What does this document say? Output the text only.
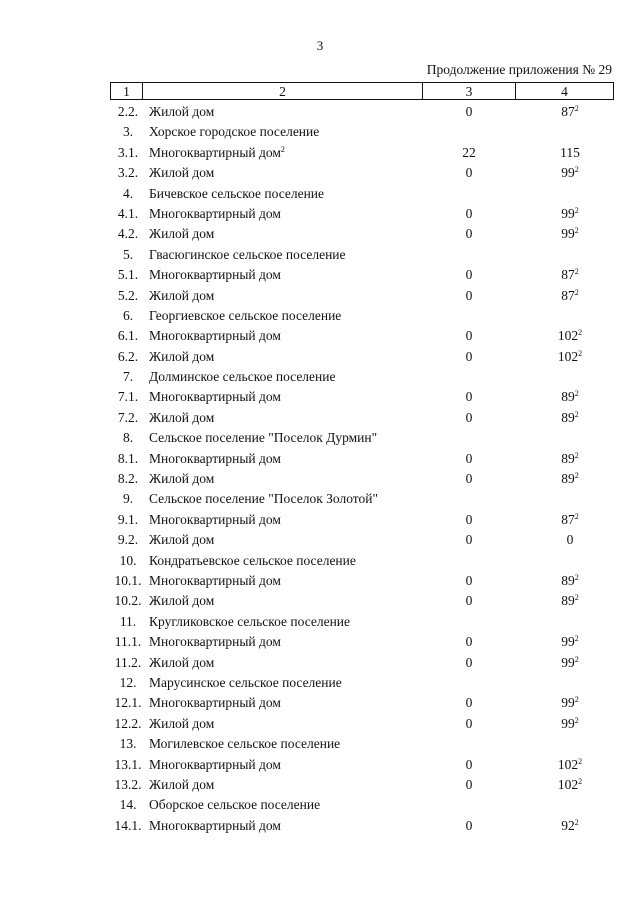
3
Продолжение приложения № 29
1	2	3	4
2.2. Жилой дом	0	$87^2$
3.	Хорское городское поселение
3.1. Многоквартирный дом$^2$	22	115
3.2. Жилой дом	0	$99^2$
4.	Бичевское сельское поселение
4.1. Многоквартирный дом	0	$99^2$
4.2. Жилой дом	0	$99^2$
5.	Гвасюгинское сельское поселение
5.1. Многоквартирный дом	0	$87^2$
5.2. Жилой дом	0	$87^2$
6.	Георгиевское сельское поселение
6.1. Многоквартирный дом	0	$102^2$
6.2. Жилой дом	0	$102^2$
7.	Долминское сельское поселение
7.1. Многоквартирный дом	0	$89^2$
7.2. Жилой дом	0	$89^2$
8.	Сельское поселение "Поселок Дурмин"
8.1. Многоквартирный дом	0	$89^2$
8.2. Жилой дом	0	$89^2$
9.	Сельское поселение "Поселок Золотой"
9.1. Многоквартирный дом	0	$87^2$
9.2. Жилой дом	0	0
10. Кондратьевское сельское поселение
10.1. Многоквартирный дом	0	$89^2$
10.2. Жилой дом	0	$89^2$
11. Кругликовское сельское поселение
11.1. Многоквартирный дом	0	$99^2$
11.2. Жилой дом	0	$99^2$
12. Марусинское сельское поселение
12.1. Многоквартирный дом	0	$99^2$
12.2. Жилой дом	0	$99^2$
13. Могилевское сельское поселение
13.1. Многоквартирный дом	0	$102^2$
13.2. Жилой дом	0	$102^2$
14. Оборское сельское поселение
14.1. Многоквартирный дом	0	$92^2$
